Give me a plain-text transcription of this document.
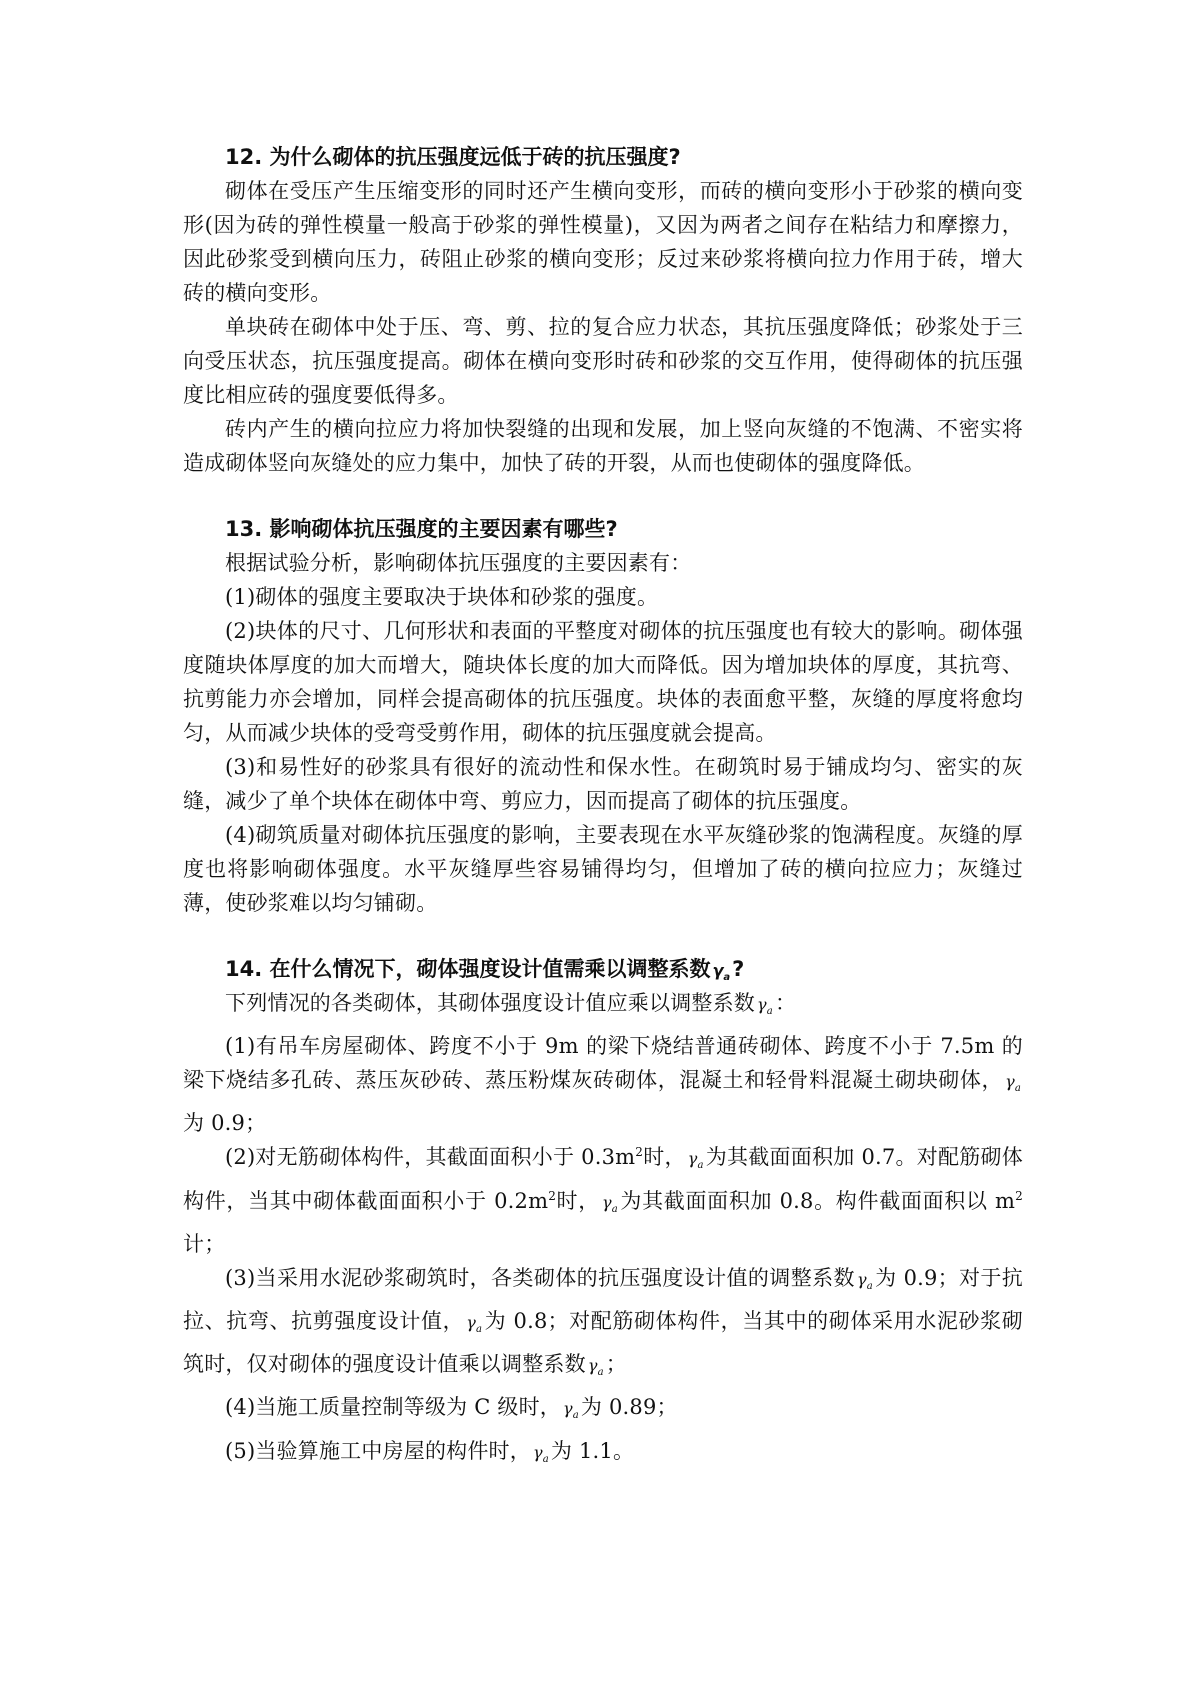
12. 为什么砌体的抗压强度远低于砖的抗压强度?

砌体在受压产生压缩变形的同时还产生横向变形，而砖的横向变形小于砂浆的横向变形(因为砖的弹性模量一般高于砂浆的弹性模量)，又因为两者之间存在粘结力和摩擦力，因此砂浆受到横向压力，砖阻止砂浆的横向变形；反过来砂浆将横向拉力作用于砖，增大砖的横向变形。

单块砖在砌体中处于压、弯、剪、拉的复合应力状态，其抗压强度降低；砂浆处于三向受压状态，抗压强度提高。砌体在横向变形时砖和砂浆的交互作用，使得砌体的抗压强度比相应砖的强度要低得多。

砖内产生的横向拉应力将加快裂缝的出现和发展，加上竖向灰缝的不饱满、不密实将造成砌体竖向灰缝处的应力集中，加快了砖的开裂，从而也使砌体的强度降低。

13. 影响砌体抗压强度的主要因素有哪些?

根据试验分析，影响砌体抗压强度的主要因素有：

(1)砌体的强度主要取决于块体和砂浆的强度。

(2)块体的尺寸、几何形状和表面的平整度对砌体的抗压强度也有较大的影响。砌体强度随块体厚度的加大而增大，随块体长度的加大而降低。因为增加块体的厚度，其抗弯、抗剪能力亦会增加，同样会提高砌体的抗压强度。块体的表面愈平整，灰缝的厚度将愈均匀，从而减少块体的受弯受剪作用，砌体的抗压强度就会提高。

(3)和易性好的砂浆具有很好的流动性和保水性。在砌筑时易于铺成均匀、密实的灰缝，减少了单个块体在砌体中弯、剪应力，因而提高了砌体的抗压强度。

(4)砌筑质量对砌体抗压强度的影响，主要表现在水平灰缝砂浆的饱满程度。灰缝的厚度也将影响砌体强度。水平灰缝厚些容易铺得均匀，但增加了砖的横向拉应力；灰缝过薄，使砂浆难以均匀铺砌。

14. 在什么情况下，砌体强度设计值需乘以调整系数 $\gamma_a$?

下列情况的各类砌体，其砌体强度设计值应乘以调整系数 $\gamma_a$：

(1)有吊车房屋砌体、跨度不小于 9m 的梁下烧结普通砖砌体、跨度不小于 7.5m 的梁下烧结多孔砖、蒸压灰砂砖、蒸压粉煤灰砖砌体，混凝土和轻骨料混凝土砌块砌体， $\gamma_a$为 0.9；

(2)对无筋砌体构件，其截面面积小于 $0.3m^2$时， $\gamma_a$为其截面面积加 0.7。对配筋砌体构件，当其中砌体截面面积小于 $0.2m^2$时， $\gamma_a$为其截面面积加 0.8。构件截面面积以 $m^2$计；

(3)当采用水泥砂浆砌筑时，各类砌体的抗压强度设计值的调整系数 $\gamma_a$为 0.9；对于抗拉、抗弯、抗剪强度设计值， $\gamma_a$为 0.8；对配筋砌体构件，当其中的砌体采用水泥砂浆砌筑时，仅对砌体的强度设计值乘以调整系数 $\gamma_a$；

(4)当施工质量控制等级为 C 级时， $\gamma_a$为 0.89；

(5)当验算施工中房屋的构件时， $\gamma_a$为 1.1。
